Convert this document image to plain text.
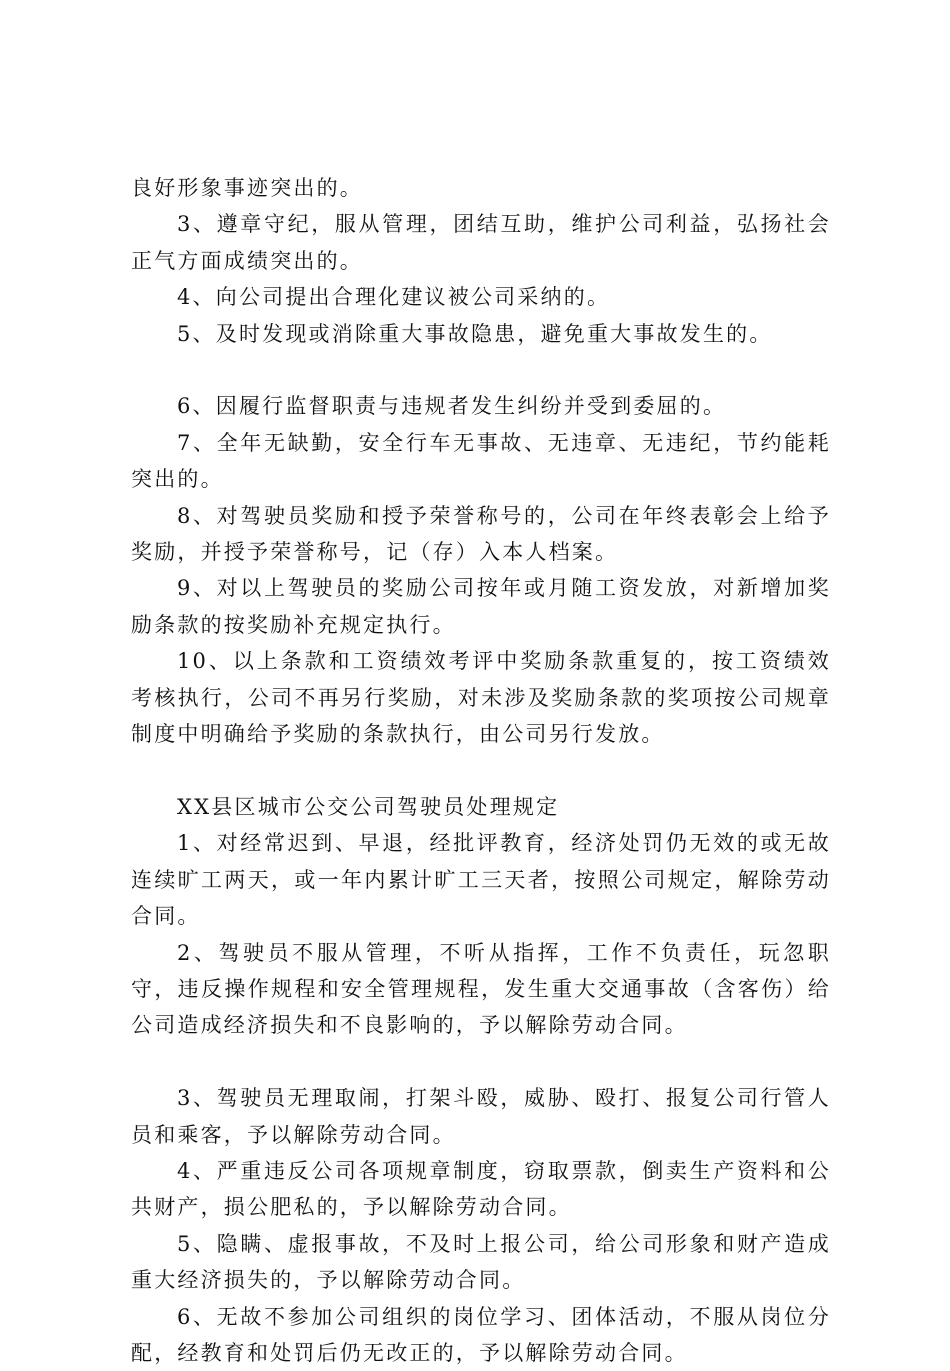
良好形象事迹突出的。

3、遵章守纪，服从管理，团结互助，维护公司利益，弘扬社会正气方面成绩突出的。

4、向公司提出合理化建议被公司采纳的。

5、及时发现或消除重大事故隐患，避免重大事故发生的。

6、因履行监督职责与违规者发生纠纷并受到委屈的。

7、全年无缺勤，安全行车无事故、无违章、无违纪，节约能耗突出的。

8、对驾驶员奖励和授予荣誉称号的，公司在年终表彰会上给予奖励，并授予荣誉称号，记（存）入本人档案。

9、对以上驾驶员的奖励公司按年或月随工资发放，对新增加奖励条款的按奖励补充规定执行。

10、以上条款和工资绩效考评中奖励条款重复的，按工资绩效考核执行，公司不再另行奖励，对未涉及奖励条款的奖项按公司规章制度中明确给予奖励的条款执行，由公司另行发放。

XX县区城市公交公司驾驶员处理规定

1、对经常迟到、早退，经批评教育，经济处罚仍无效的或无故连续旷工两天，或一年内累计旷工三天者，按照公司规定，解除劳动合同。

2、驾驶员不服从管理，不听从指挥，工作不负责任，玩忽职守，违反操作规程和安全管理规程，发生重大交通事故（含客伤）给公司造成经济损失和不良影响的，予以解除劳动合同。

3、驾驶员无理取闹，打架斗殴，威胁、殴打、报复公司行管人员和乘客，予以解除劳动合同。

4、严重违反公司各项规章制度，窃取票款，倒卖生产资料和公共财产，损公肥私的，予以解除劳动合同。

5、隐瞒、虚报事故，不及时上报公司，给公司形象和财产造成重大经济损失的，予以解除劳动合同。

6、无故不参加公司组织的岗位学习、团体活动，不服从岗位分配，经教育和处罚后仍无改正的，予以解除劳动合同。
